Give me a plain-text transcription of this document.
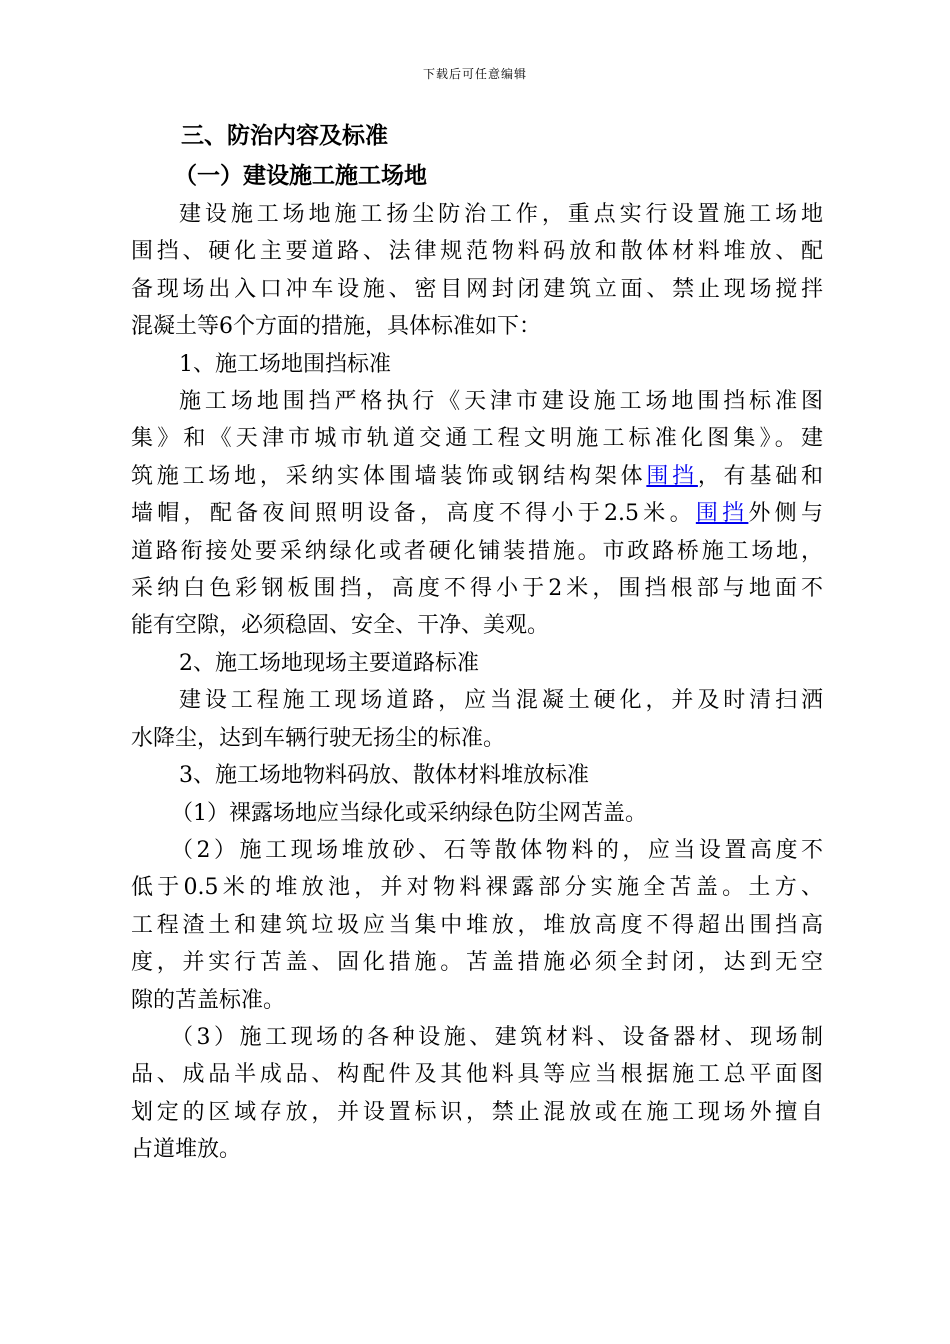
下载后可任意编辑

三、防治内容及标准

（一）建设施工施工场地

建设施工场地施工扬尘防治工作，重点实行设置施工场地

围挡、硬化主要道路、法律规范物料码放和散体材料堆放、配

备现场出入口冲车设施、密目网封闭建筑立面、禁止现场搅拌

混凝土等6个方面的措施，具体标准如下：

1、施工场地围挡标准

施工场地围挡严格执行《天津市建设施工场地围挡标准图

集》和《天津市城市轨道交通工程文明施工标准化图集》。建

筑施工场地，采纳实体围墙装饰或钢结构架体围挡，有基础和

墙帽，配备夜间照明设备，高度不得小于2.5米。围挡外侧与

道路衔接处要采纳绿化或者硬化铺装措施。市政路桥施工场地，

采纳白色彩钢板围挡，高度不得小于2米，围挡根部与地面不

能有空隙，必须稳固、安全、干净、美观。

2、施工场地现场主要道路标准

建设工程施工现场道路，应当混凝土硬化，并及时清扫洒

水降尘，达到车辆行驶无扬尘的标准。

3、施工场地物料码放、散体材料堆放标准

（1）裸露场地应当绿化或采纳绿色防尘网苫盖。

（2）施工现场堆放砂、石等散体物料的，应当设置高度不

低于0.5米的堆放池，并对物料裸露部分实施全苫盖。土方、

工程渣土和建筑垃圾应当集中堆放，堆放高度不得超出围挡高

度，并实行苫盖、固化措施。苫盖措施必须全封闭，达到无空

隙的苫盖标准。

（3）施工现场的各种设施、建筑材料、设备器材、现场制

品、成品半成品、构配件及其他料具等应当根据施工总平面图

划定的区域存放，并设置标识，禁止混放或在施工现场外擅自

占道堆放。
